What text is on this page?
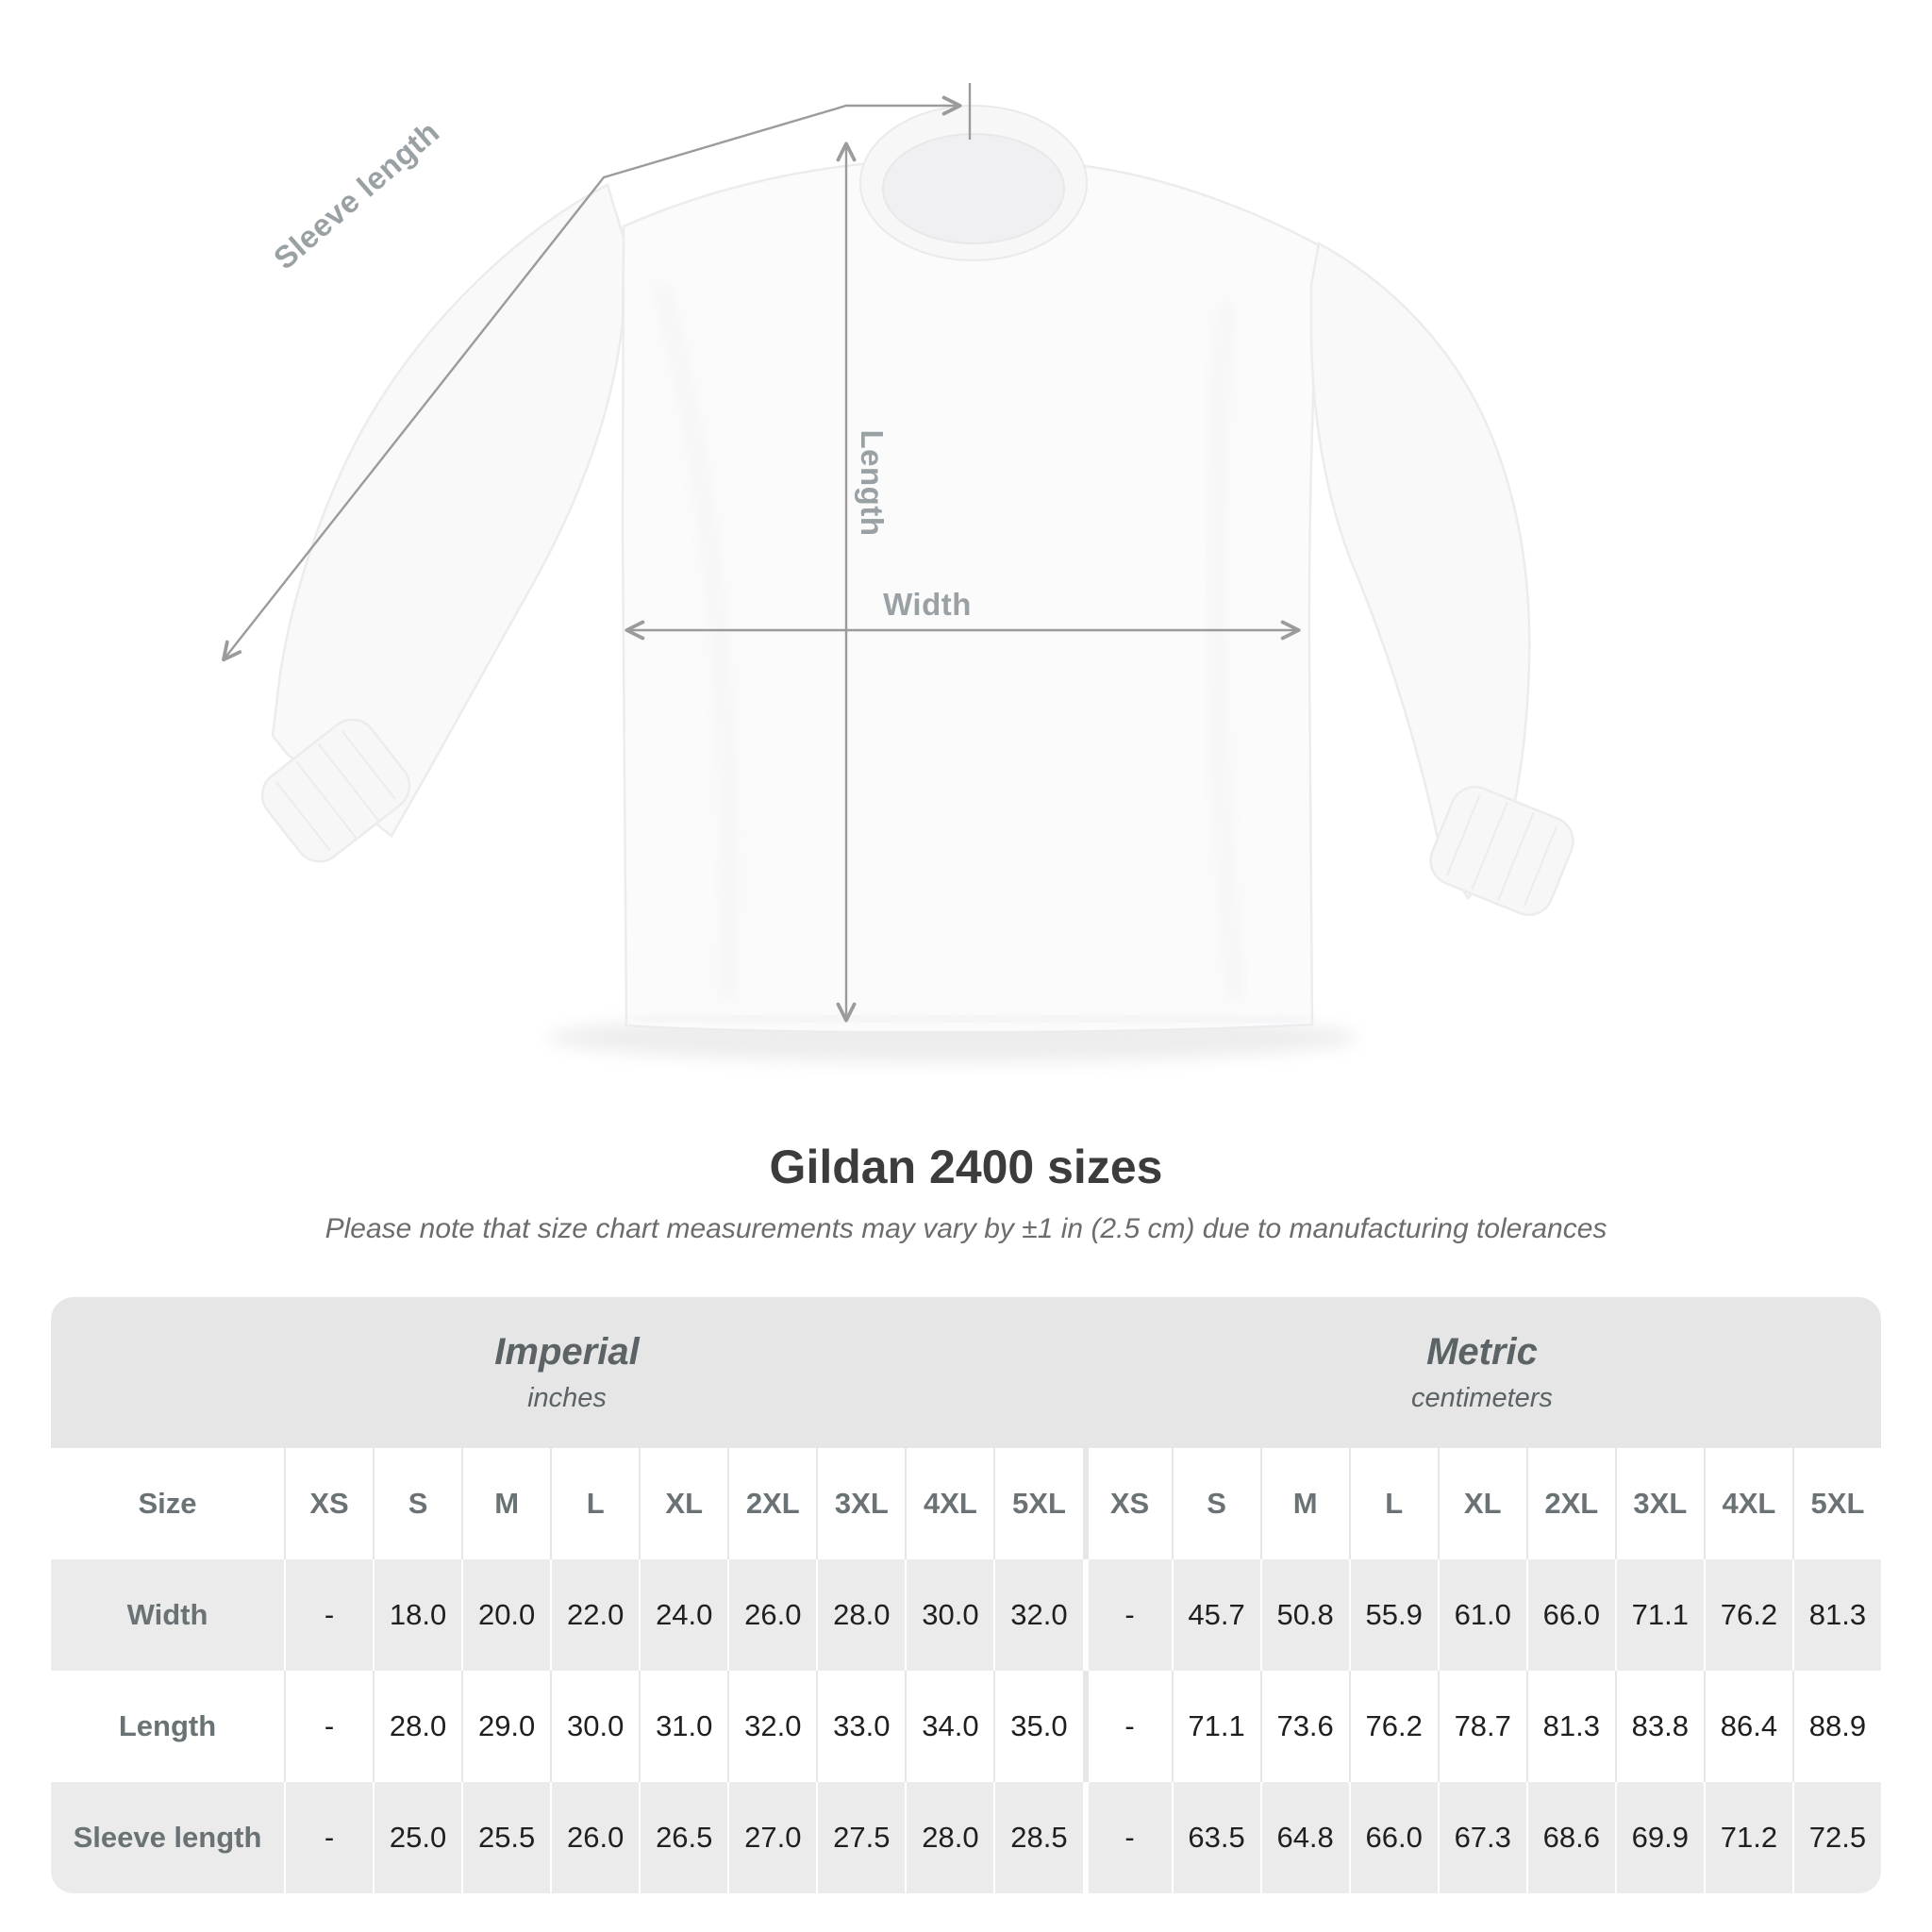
Sleeve length
Length
Width
Gildan 2400 sizes
Please note that size chart measurements may vary by ±1 in (2.5 cm) due to manufacturing tolerances
Imperial
inches
Metric
centimeters
Size	XS	S	M	L	XL	2XL	3XL	4XL	5XL	XS	S	M	L	XL	2XL	3XL	4XL	5XL
Width	-	18.0	20.0	22.0	24.0	26.0	28.0	30.0	32.0	-	45.7	50.8	55.9	61.0	66.0	71.1	76.2	81.3
Length	-	28.0	29.0	30.0	31.0	32.0	33.0	34.0	35.0	-	71.1	73.6	76.2	78.7	81.3	83.8	86.4	88.9
Sleeve length	-	25.0	25.5	26.0	26.5	27.0	27.5	28.0	28.5	-	63.5	64.8	66.0	67.3	68.6	69.9	71.2	72.5
